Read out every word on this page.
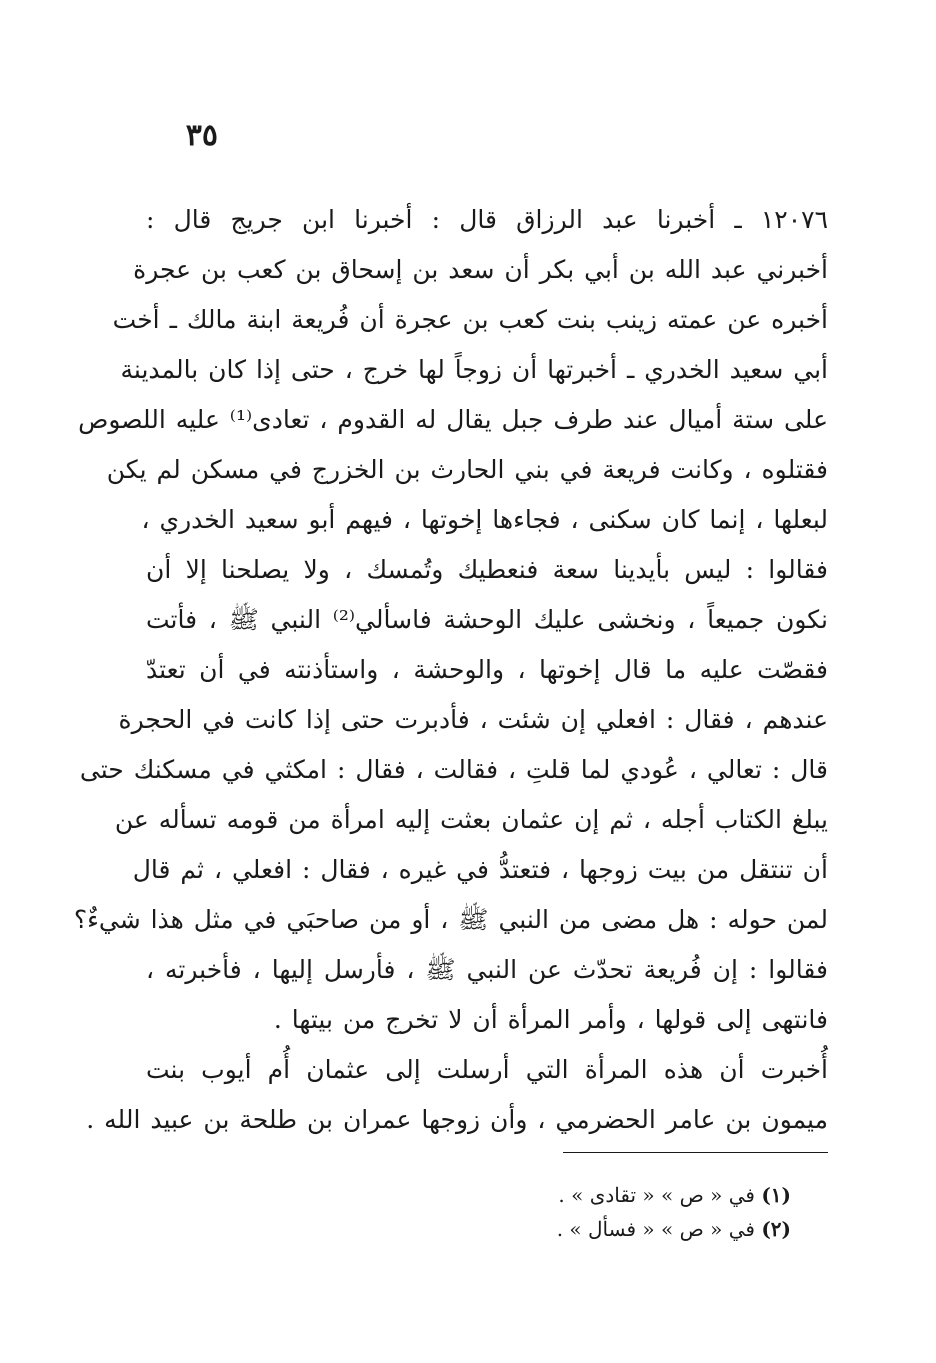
٣٥
١٢٠٧٦ ـ أخبرنا عبد الرزاق قال : أخبرنا ابن جريج قال :
أخبرني عبد الله بن أبي بكر أن سعد بن إسحاق بن كعب بن عجرة
أخبره عن عمته زينب بنت كعب بن عجرة أن فُريعة ابنة مالك ـ أخت
أبي سعيد الخدري ـ أخبرتها أن زوجاً لها خرج ، حتى إذا كان بالمدينة
على ستة أميال عند طرف جبل يقال له القدوم ، تعادى⁽¹⁾ عليه اللصوص
فقتلوه ، وكانت فريعة في بني الحارث بن الخزرج في مسكن لم يكن
لبعلها ، إنما كان سكنى ، فجاءها إخوتها ، فيهم أبو سعيد الخدري ،
فقالوا : ليس بأيدينا سعة فنعطيك وتُمسك ، ولا يصلحنا إلا أن
نكون جميعاً ، ونخشى عليك الوحشة فاسألي⁽²⁾ النبي ﷺ ، فأتت
فقصّت عليه ما قال إخوتها ، والوحشة ، واستأذنته في أن تعتدّ
عندهم ، فقال : افعلي إن شئت ، فأدبرت حتى إذا كانت في الحجرة
قال : تعالي ، عُودي لما قلتِ ، فقالت ، فقال : امكثي في مسكنك حتى
يبلغ الكتاب أجله ، ثم إن عثمان بعثت إليه امرأة من قومه تسأله عن
أن تنتقل من بيت زوجها ، فتعتدُّ في غيره ، فقال : افعلي ، ثم قال
لمن حوله : هل مضى من النبي ﷺ ، أو من صاحبَي في مثل هذا شيءٌ؟
فقالوا : إن فُريعة تحدّث عن النبي ﷺ ، فأرسل إليها ، فأخبرته ،
فانتهى إلى قولها ، وأمر المرأة أن لا تخرج من بيتها .
أُخبرت أن هذه المرأة التي أرسلت إلى عثمان أُم أيوب بنت
ميمون بن عامر الحضرمي ، وأن زوجها عمران بن طلحة بن عبيد الله .
(١) في « ص » « تقادى » .
(٢) في « ص » « فسأل » .
